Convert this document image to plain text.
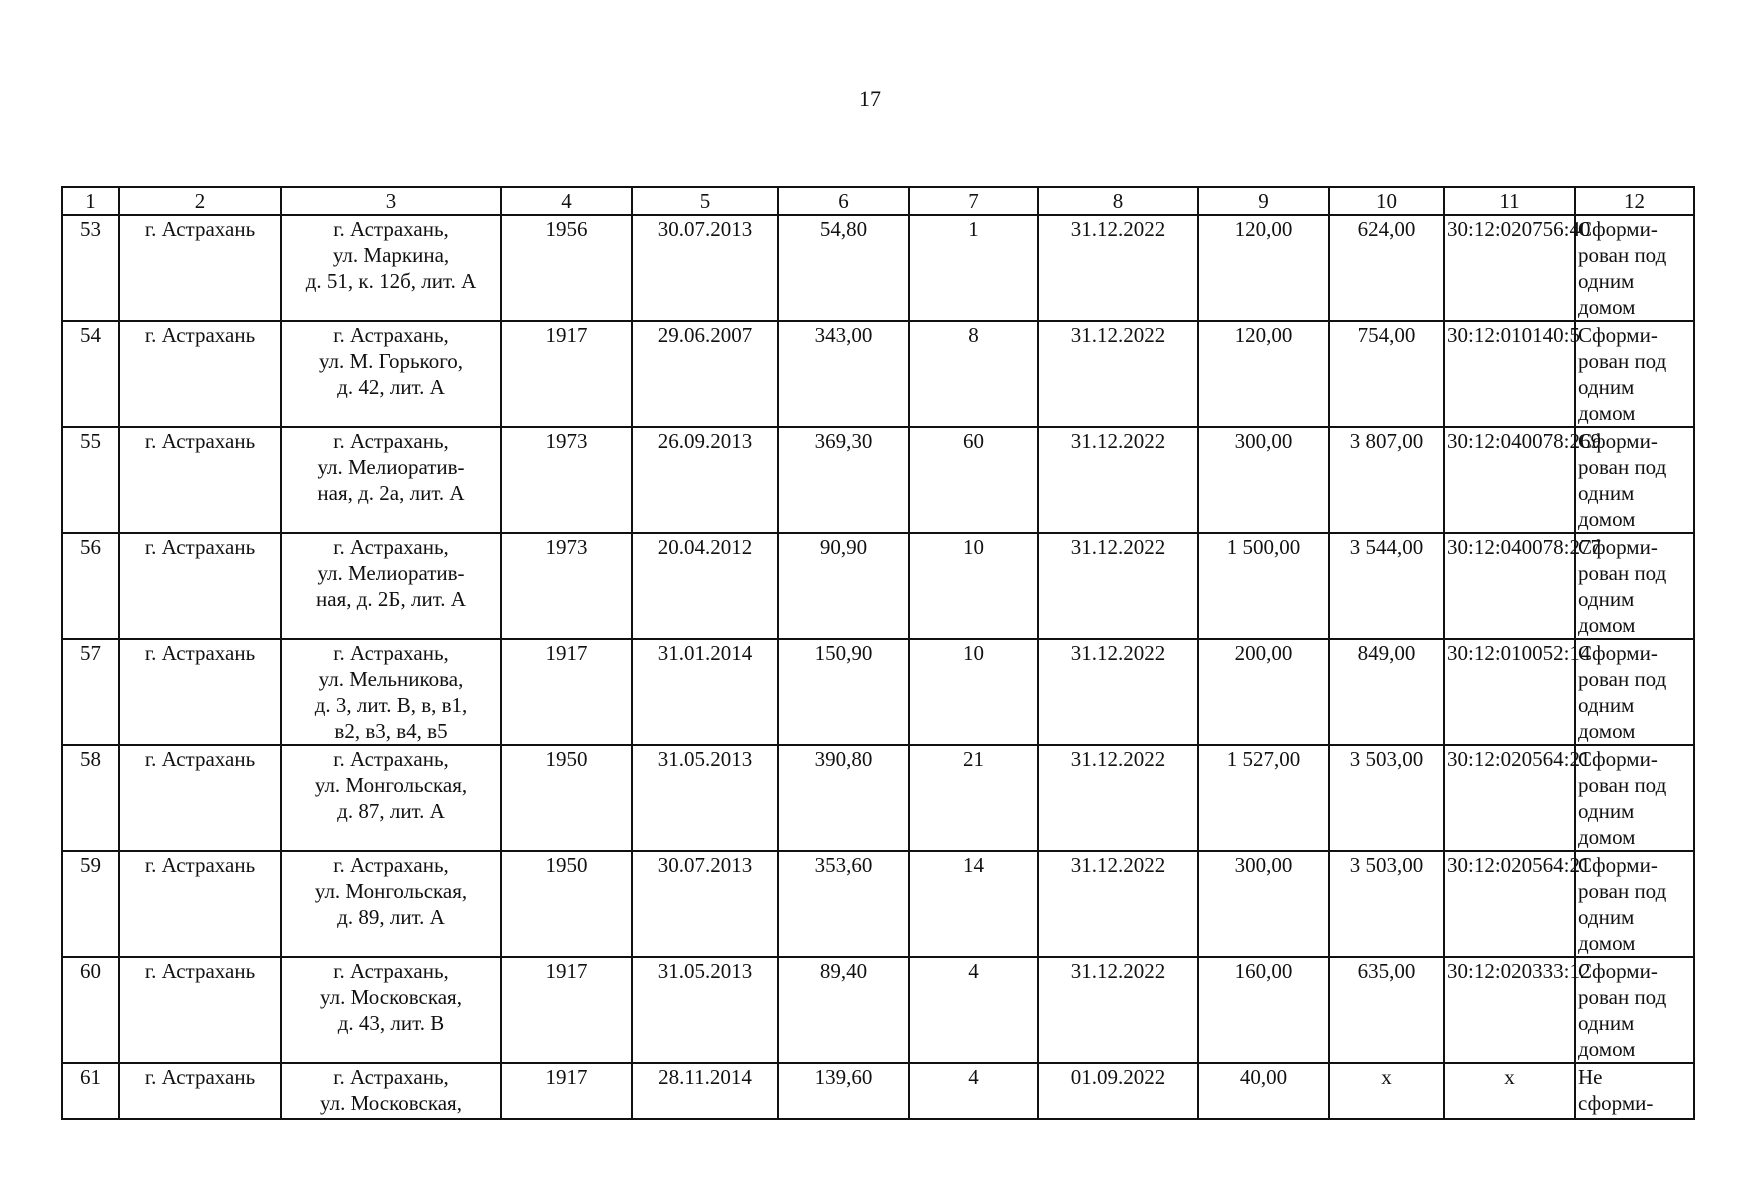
17
1	2	3	4	5	6	7	8	9	10	11	12
53	г. Астрахань	г. Астрахань,
ул. Маркина,
д. 51, к. 12б, лит. А	1956	30.07.2013	54,80	1	31.12.2022	120,00	624,00	30:12:020756:40	Сформи-
рован под
одним
домом

54	г. Астрахань	г. Астрахань,
ул. М. Горького,
д. 42, лит. А	1917	29.06.2007	343,00	8	31.12.2022	120,00	754,00	30:12:010140:5	Сформи-
рован под
одним
домом

55	г. Астрахань	г. Астрахань,
ул. Мелиоратив-
ная, д. 2а, лит. А	1973	26.09.2013	369,30	60	31.12.2022	300,00	3 807,00	30:12:040078:269	Сформи-
рован под
одним
домом

56	г. Астрахань	г. Астрахань,
ул. Мелиоратив-
ная, д. 2Б, лит. А	1973	20.04.2012	90,90	10	31.12.2022	1 500,00	3 544,00	30:12:040078:277	Сформи-
рован под
одним
домом

57	г. Астрахань	г. Астрахань,
ул. Мельникова,
д. 3, лит. В, в, в1,
в2, в3, в4, в5	1917	31.01.2014	150,90	10	31.12.2022	200,00	849,00	30:12:010052:14	Сформи-
рован под
одним
домом

58	г. Астрахань	г. Астрахань,
ул. Монгольская,
д. 87, лит. А	1950	31.05.2013	390,80	21	31.12.2022	1 527,00	3 503,00	30:12:020564:21	Сформи-
рован под
одним
домом

59	г. Астрахань	г. Астрахань,
ул. Монгольская,
д. 89, лит. А	1950	30.07.2013	353,60	14	31.12.2022	300,00	3 503,00	30:12:020564:21	Сформи-
рован под
одним
домом

60	г. Астрахань	г. Астрахань,
ул. Московская,
д. 43, лит. В	1917	31.05.2013	89,40	4	31.12.2022	160,00	635,00	30:12:020333:12	Сформи-
рован под
одним
домом

61	г. Астрахань	г. Астрахань,
ул. Московская,	1917	28.11.2014	139,60	4	01.09.2022	40,00	х	х	Не
сформи-
